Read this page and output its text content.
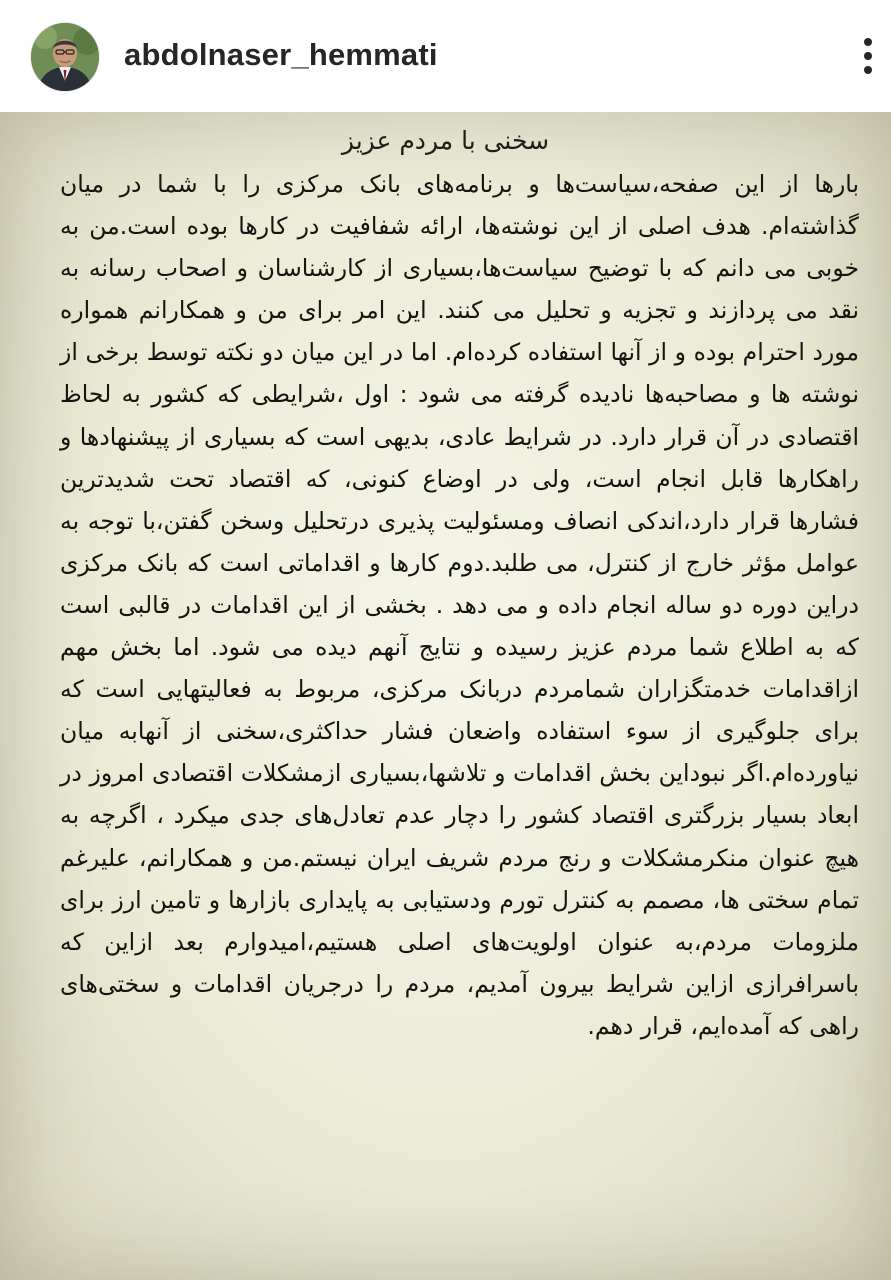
abdolnaser_hemmati
سخنی با مردم عزیز

بارها از این صفحه،سیاست‌ها و برنامه‌های بانک مرکزی را با شما در میان گذاشته‌ام. هدف اصلی از این نوشته‌ها، ارائه شفافیت در کارها بوده است.من به خوبی می دانم که با توضیح سیاست‌ها،بسیاری از کارشناسان و اصحاب رسانه به نقد می پردازند و تجزیه و تحلیل می کنند. این امر برای من و همکارانم همواره مورد احترام بوده و از آنها استفاده کرده‌ام. اما در این میان دو نکته توسط برخی از نوشته ها و مصاحبه‌ها نادیده گرفته می شود : اول ،شرایطی که کشور به لحاظ اقتصادی در آن قرار دارد. در شرایط عادی، بدیهی است که بسیاری از پیشنهادها و راهکارها قابل انجام است، ولی در اوضاع کنونی، که اقتصاد تحت شدیدترین فشارها قرار دارد،اندکی انصاف ومسئولیت پذیری درتحلیل وسخن گفتن،با توجه به عوامل مؤثر خارج از کنترل، می طلبد.دوم کارها و اقداماتی است که بانک مرکزی دراین دوره دو ساله انجام داده و می دهد . بخشی از این اقدامات در قالبی است که به اطلاع شما مردم عزیز رسیده و نتایج آنهم دیده می شود. اما بخش مهم ازاقدامات خدمتگزاران شمامردم دربانک مرکزی، مربوط به فعالیتهایی است که برای جلوگیری از سوء استفاده واضعان فشار حداکثری،سخنی از آنهابه میان نیاورده‌ام.اگر نبوداین بخش اقدامات و تلاشها،بسیاری ازمشکلات اقتصادی امروز در ابعاد بسیار بزرگتری اقتصاد کشور را دچار عدم تعادل‌های جدی میکرد ، اگرچه به هیچ عنوان منکرمشکلات و رنج مردم شریف ایران نیستم.من و همکارانم، علیرغم تمام سختی ها، مصمم به کنترل تورم ودستیابی به پایداری بازارها و تامین ارز برای ملزومات مردم،به عنوان اولویت‌های اصلی هستیم،امیدوارم بعد ازاین که باسرافرازی ازاین شرایط بیرون آمدیم، مردم را درجریان اقدامات و سختی‌های راهی که آمده‌ایم، قرار دهم.
